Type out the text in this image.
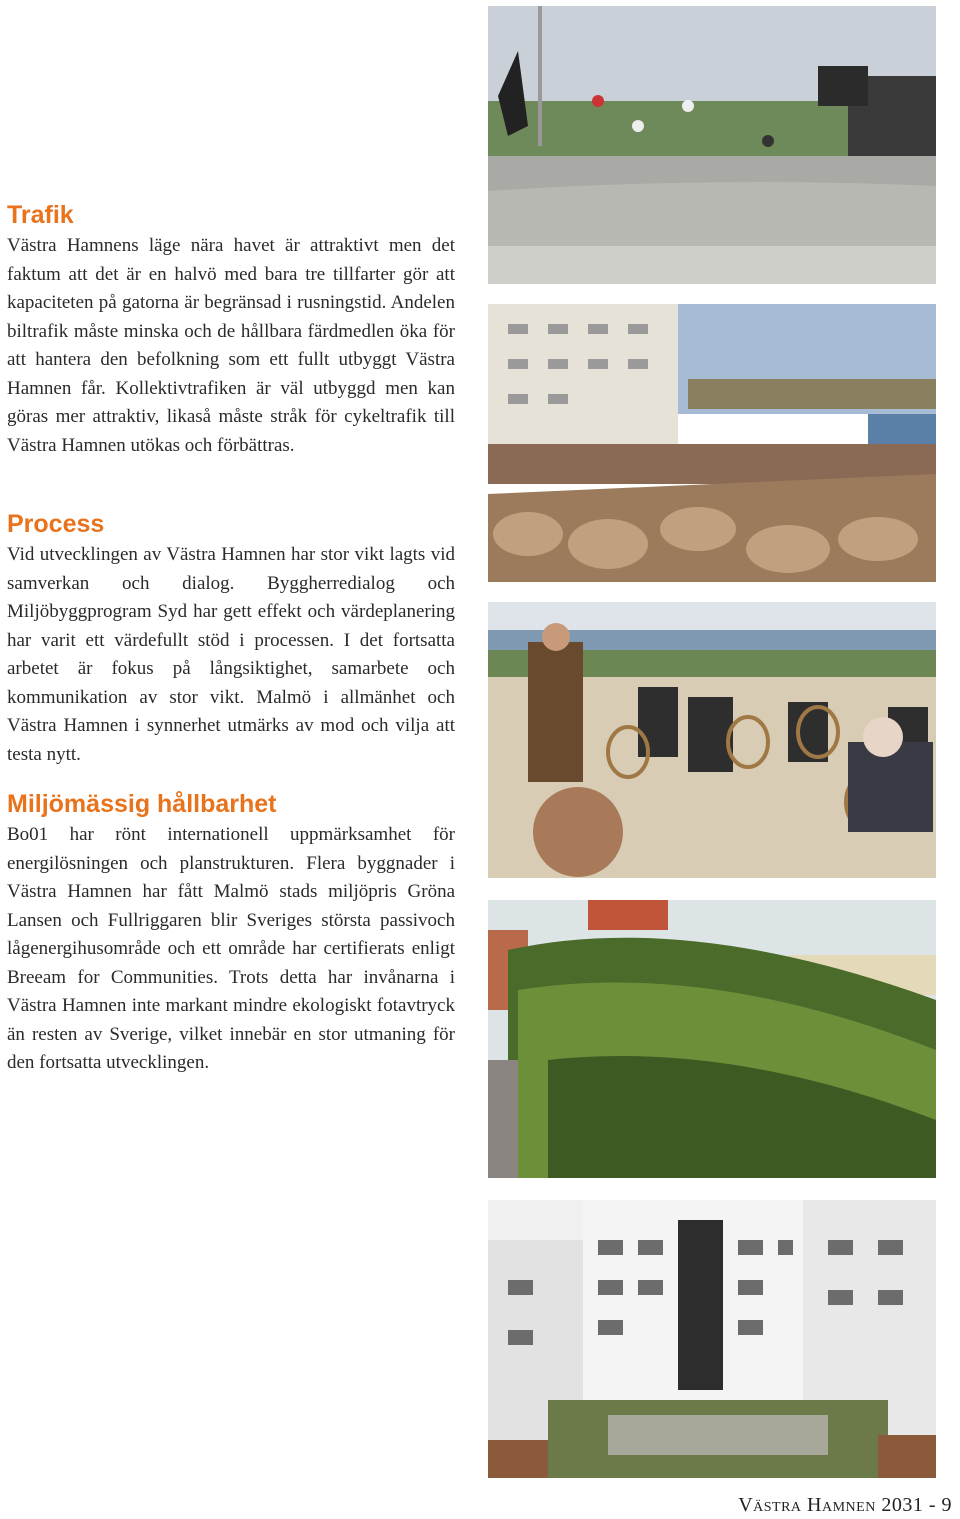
Trafik

Västra Hamnens läge nära havet är attraktivt men det faktum att det är en halvö med bara tre tillfarter gör att kapaciteten på gatorna är begränsad i rusningstid. Andelen biltrafik måste minska och de hållbara färdmedlen öka för att hantera den befolkning som ett fullt utbyggt Västra Hamnen får. Kollektivtrafiken är väl utbyggd men kan göras mer attraktiv, likaså måste stråk för cykeltrafik till Västra Hamnen utökas och förbättras.

Process

Vid utvecklingen av Västra Hamnen har stor vikt lagts vid samverkan och dialog. Byggherredialog och Miljöbyggprogram Syd har gett effekt och värdeplanering har varit ett värdefullt stöd i processen. I det fortsatta arbetet är fokus på långsiktighet, samarbete och kommunikation av stor vikt. Malmö i allmänhet och Västra Hamnen i synnerhet utmärks av mod och vilja att testa nytt.

Miljömässig hållbarhet

Bo01 har rönt internationell uppmärksamhet för energilösningen och planstrukturen. Flera byggnader i Västra Hamnen har fått Malmö stads miljöpris Gröna Lansen och Fullriggaren blir Sveriges största passivoch lågenergihusområde och ett område har certifierats enligt Breeam for Communities. Trots detta har invånarna i Västra Hamnen inte markant mindre ekologiskt fotavtryck än resten av Sverige, vilket innebär en stor utmaning för den fortsatta utvecklingen.

Västra Hamnen 2031 - 9
